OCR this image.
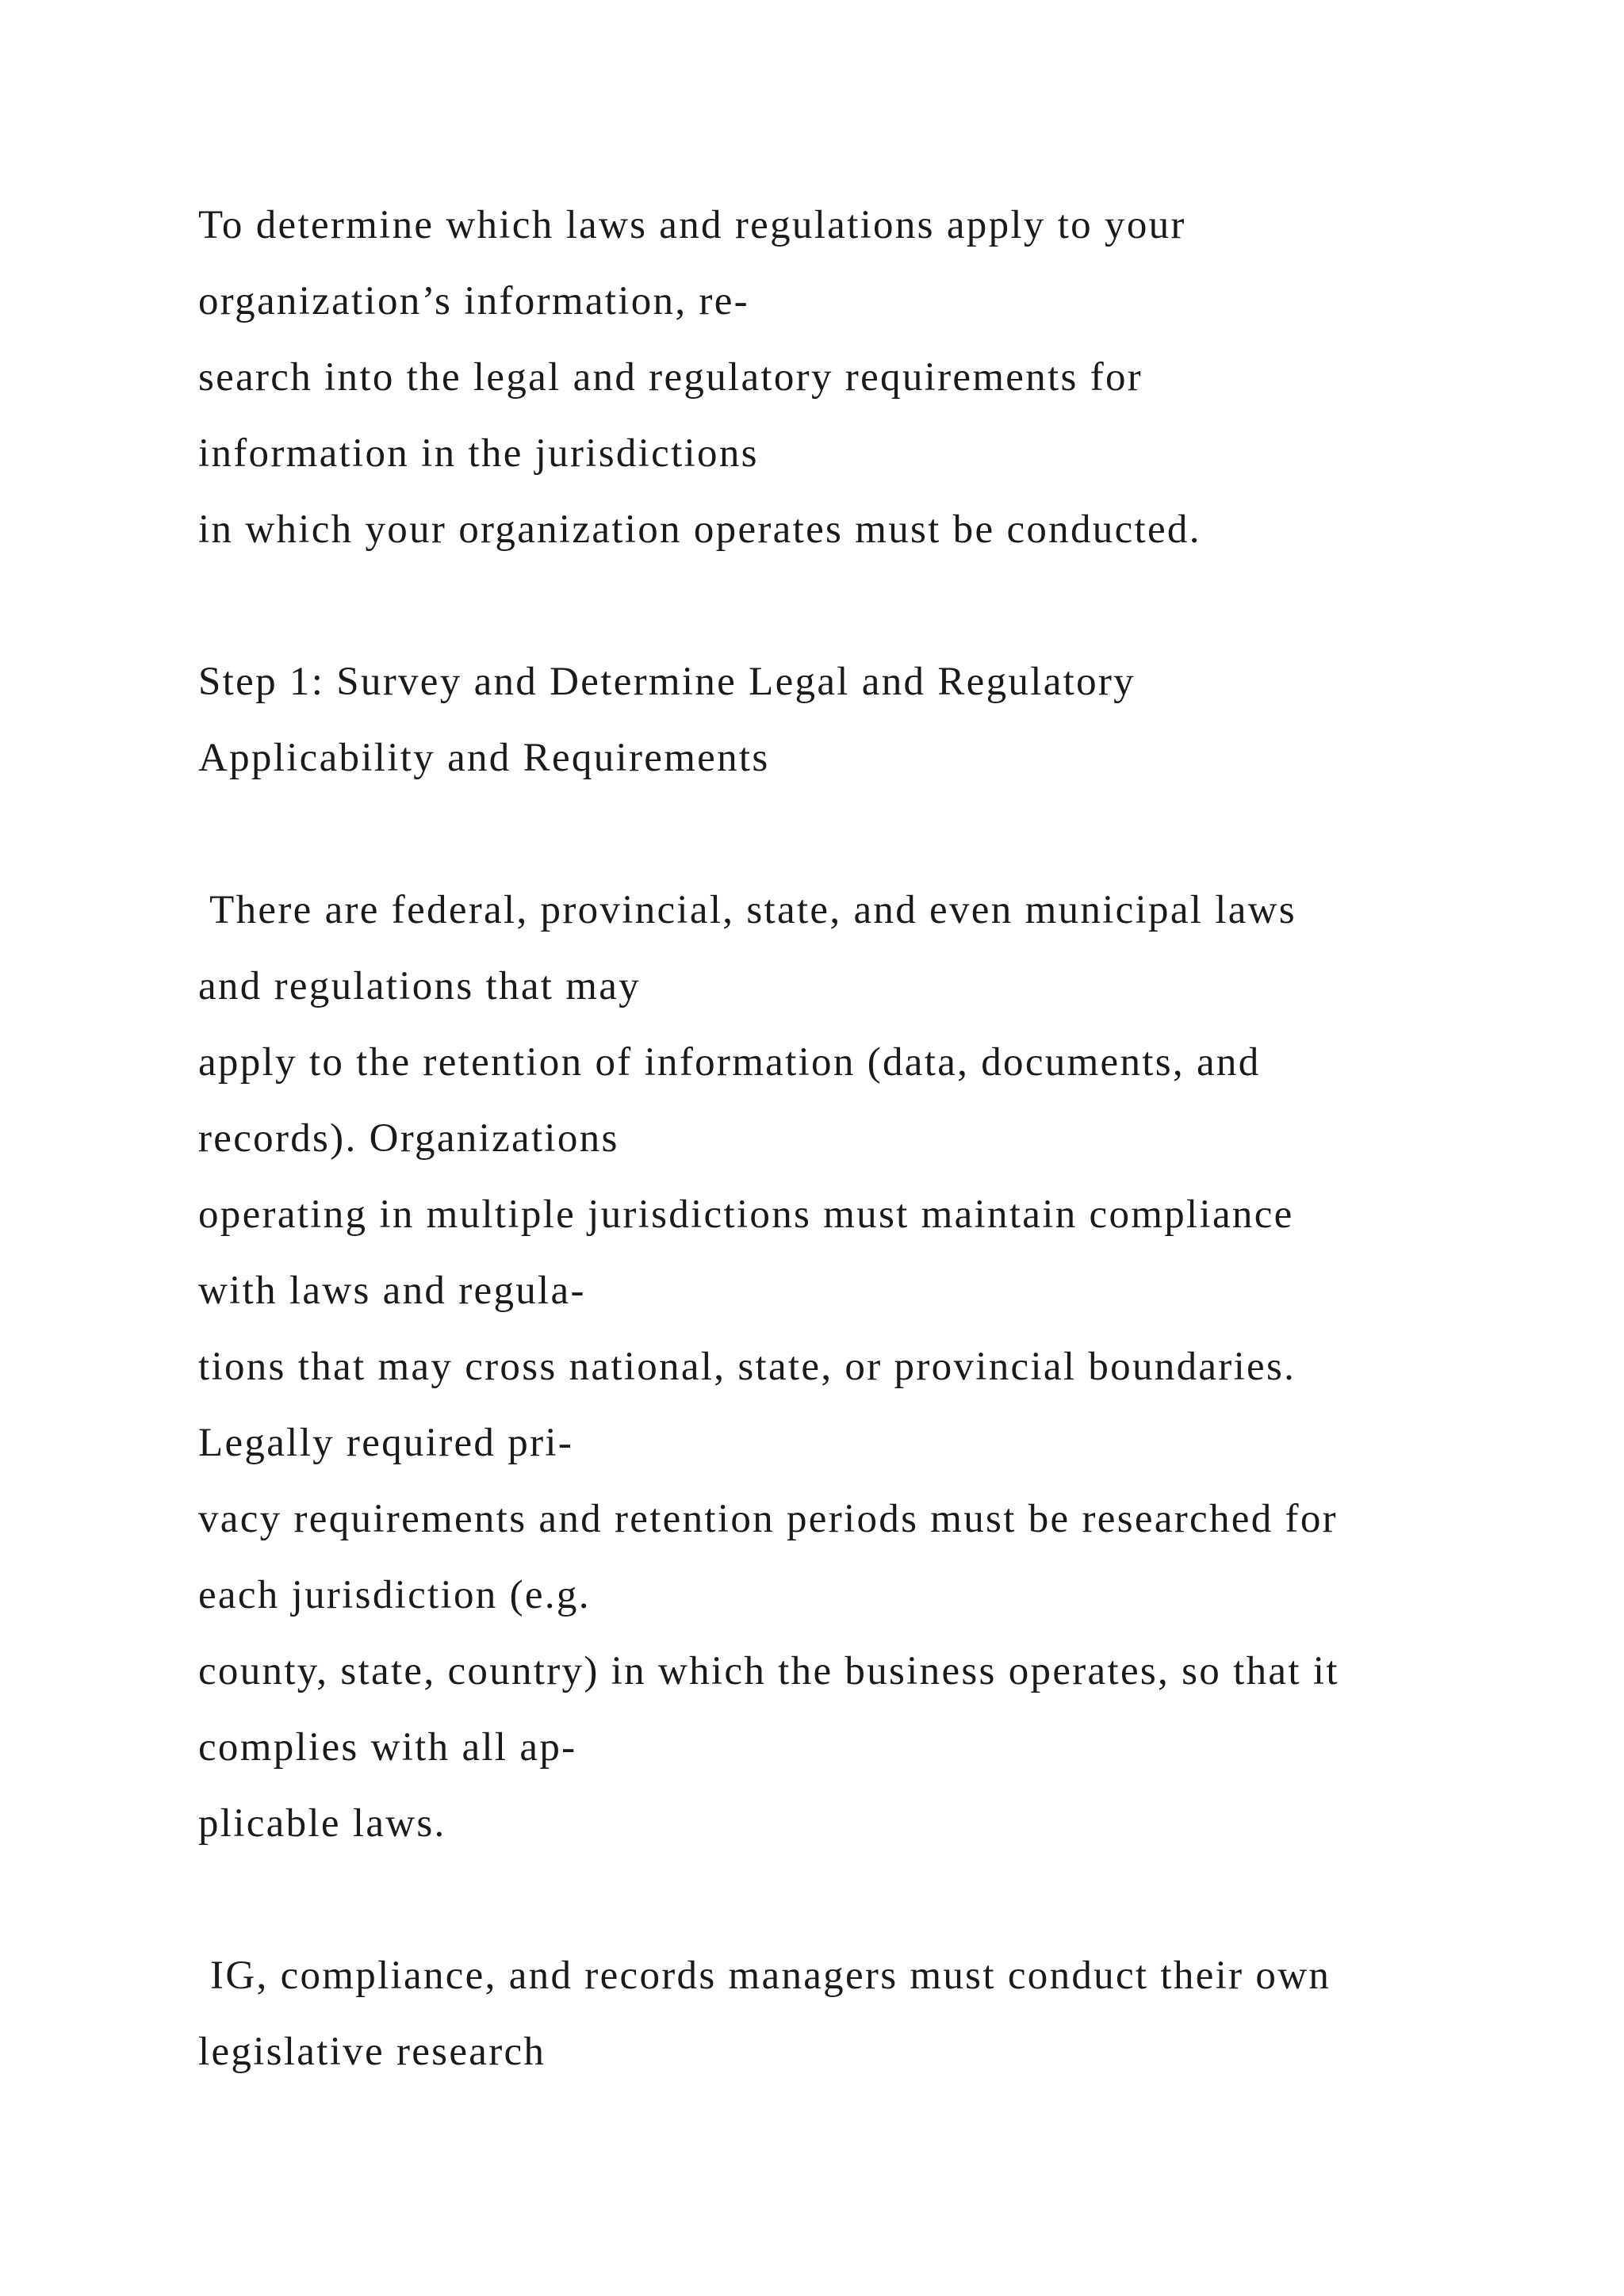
To determine which laws and regulations apply to your
organization’s information, re-
search into the legal and regulatory requirements for
information in the jurisdictions
in which your organization operates must be conducted.
Step 1: Survey and Determine Legal and Regulatory
Applicability and Requirements
There are federal, provincial, state, and even municipal laws
and regulations that may
apply to the retention of information (data, documents, and
records). Organizations
operating in multiple jurisdictions must maintain compliance
with laws and regula-
tions that may cross national, state, or provincial boundaries.
Legally required pri-
vacy requirements and retention periods must be researched for
each jurisdiction (e.g.
county, state, country) in which the business operates, so that it
complies with all ap-
plicable laws.
IG, compliance, and records managers must conduct their own
legislative research
